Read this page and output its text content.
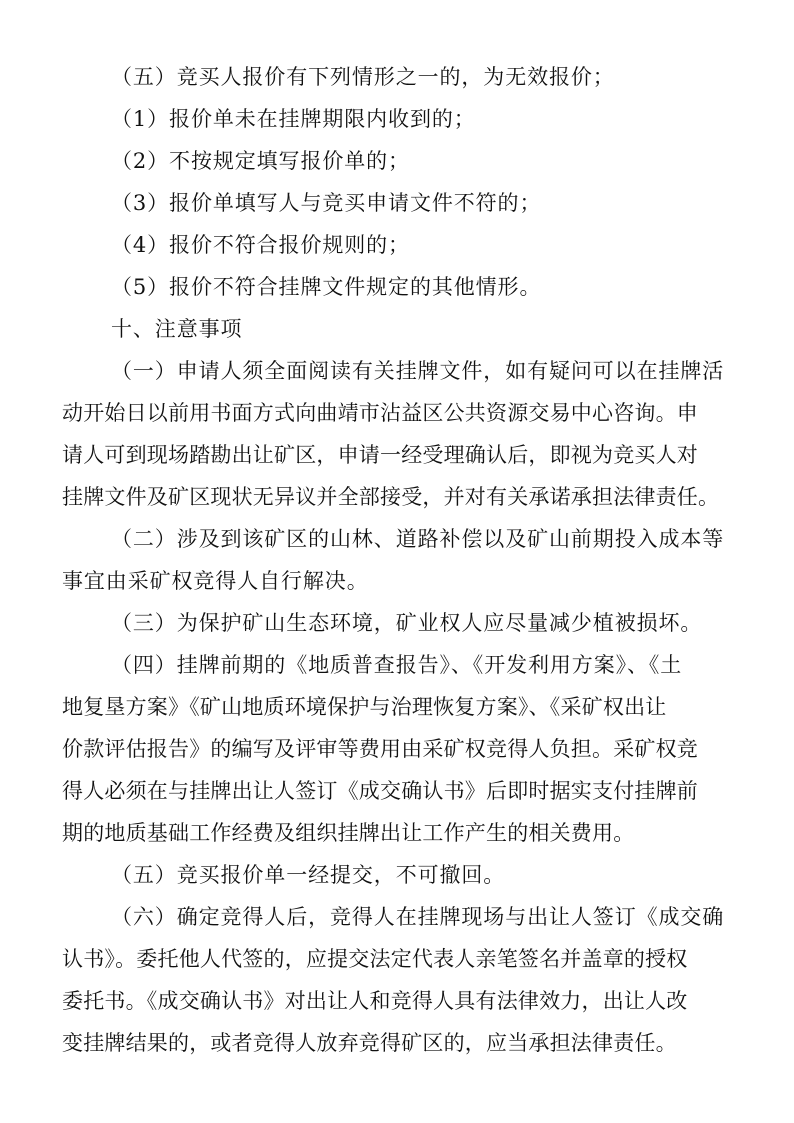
（五）竞买人报价有下列情形之一的，为无效报价；
（1）报价单未在挂牌期限内收到的；
（2）不按规定填写报价单的；
（3）报价单填写人与竞买申请文件不符的；
（4）报价不符合报价规则的；
（5）报价不符合挂牌文件规定的其他情形。
十、注意事项
（一）申请人须全面阅读有关挂牌文件，如有疑问可以在挂牌活
动开始日以前用书面方式向曲靖市沾益区公共资源交易中心咨询。申
请人可到现场踏勘出让矿区，申请一经受理确认后，即视为竞买人对
挂牌文件及矿区现状无异议并全部接受，并对有关承诺承担法律责任。
（二）涉及到该矿区的山林、道路补偿以及矿山前期投入成本等
事宜由采矿权竞得人自行解决。
（三）为保护矿山生态环境，矿业权人应尽量减少植被损坏。
（四）挂牌前期的《地质普查报告》、《开发利用方案》、《土
地复垦方案》《矿山地质环境保护与治理恢复方案》、《采矿权出让
价款评估报告》的编写及评审等费用由采矿权竞得人负担。采矿权竞
得人必须在与挂牌出让人签订《成交确认书》后即时据实支付挂牌前
期的地质基础工作经费及组织挂牌出让工作产生的相关费用。
（五）竞买报价单一经提交，不可撤回。
（六）确定竞得人后，竞得人在挂牌现场与出让人签订《成交确
认书》。委托他人代签的，应提交法定代表人亲笔签名并盖章的授权
委托书。《成交确认书》对出让人和竞得人具有法律效力，出让人改
变挂牌结果的，或者竞得人放弃竞得矿区的，应当承担法律责任。
